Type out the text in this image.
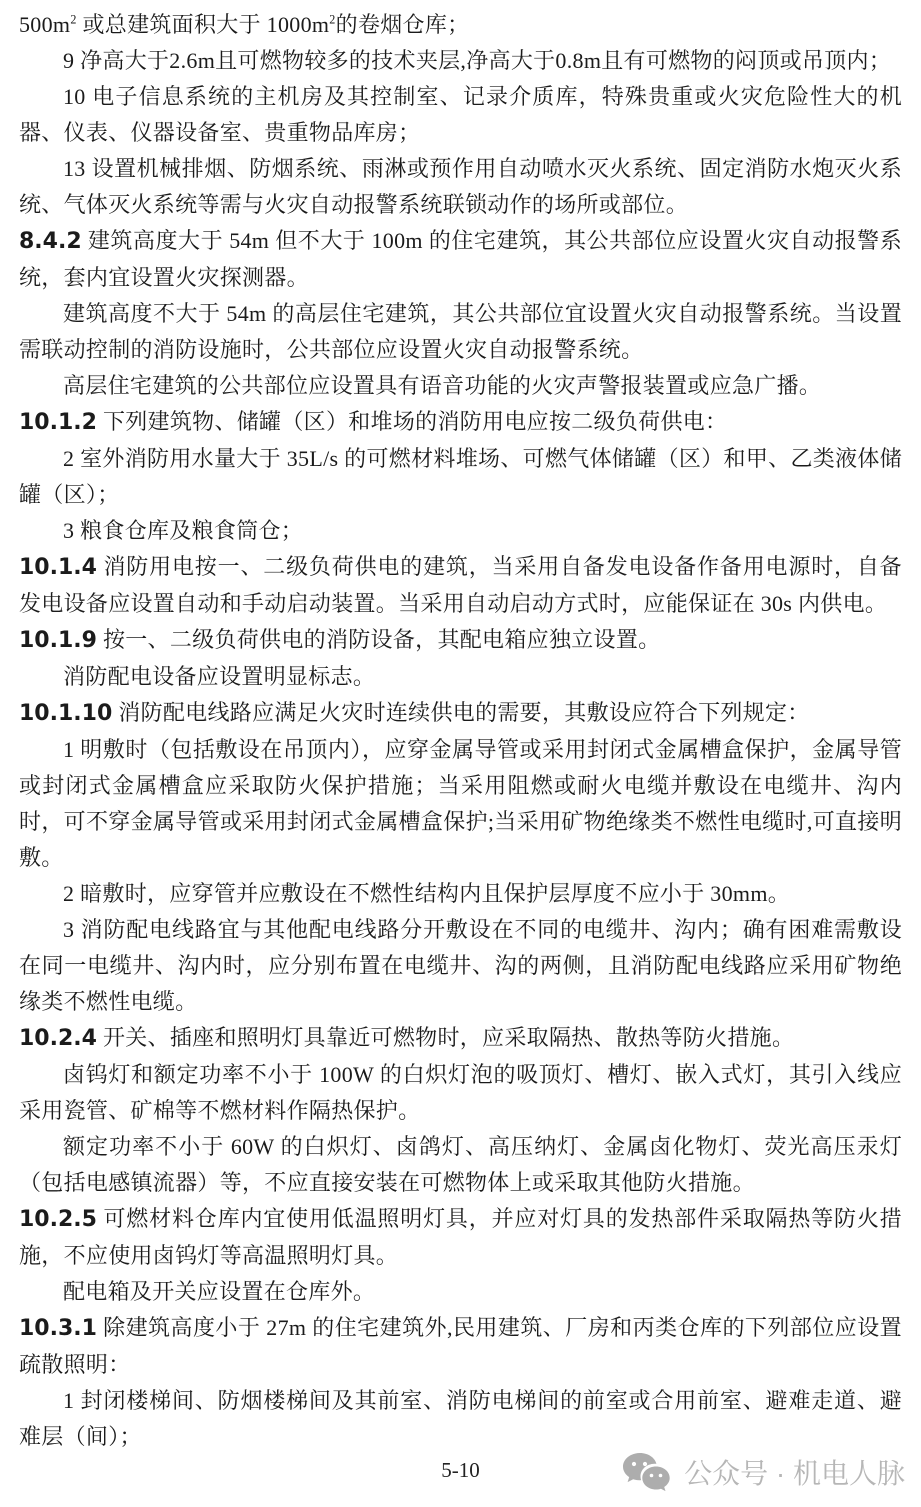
$500m^2$ 或总建筑面积大于 $1000m^2$的卷烟仓库；

9 净高大于2.6m且可燃物较多的技术夹层,净高大于0.8m且有可燃物的闷顶或吊顶内；

10 电子信息系统的主机房及其控制室、记录介质库，特殊贵重或火灾危险性大的机器、仪表、仪器设备室、贵重物品库房；

13 设置机械排烟、防烟系统、雨淋或预作用自动喷水灭火系统、固定消防水炮灭火系统、气体灭火系统等需与火灾自动报警系统联锁动作的场所或部位。

8.4.2 建筑高度大于 54m 但不大于 100m 的住宅建筑，其公共部位应设置火灾自动报警系统，套内宜设置火灾探测器。

建筑高度不大于 54m 的高层住宅建筑，其公共部位宜设置火灾自动报警系统。当设置需联动控制的消防设施时，公共部位应设置火灾自动报警系统。

高层住宅建筑的公共部位应设置具有语音功能的火灾声警报装置或应急广播。

10.1.2 下列建筑物、储罐（区）和堆场的消防用电应按二级负荷供电：

2 室外消防用水量大于 35L/s 的可燃材料堆场、可燃气体储罐（区）和甲、乙类液体储罐（区）；

3 粮食仓库及粮食筒仓；

10.1.4 消防用电按一、二级负荷供电的建筑，当采用自备发电设备作备用电源时，自备发电设备应设置自动和手动启动装置。当采用自动启动方式时，应能保证在 30s 内供电。

10.1.9 按一、二级负荷供电的消防设备，其配电箱应独立设置。

消防配电设备应设置明显标志。

10.1.10 消防配电线路应满足火灾时连续供电的需要，其敷设应符合下列规定：

1 明敷时（包括敷设在吊顶内），应穿金属导管或采用封闭式金属槽盒保护，金属导管或封闭式金属槽盒应采取防火保护措施；当采用阻燃或耐火电缆并敷设在电缆井、沟内时，可不穿金属导管或采用封闭式金属槽盒保护;当采用矿物绝缘类不燃性电缆时,可直接明敷。

2 暗敷时，应穿管并应敷设在不燃性结构内且保护层厚度不应小于 30mm。

3 消防配电线路宜与其他配电线路分开敷设在不同的电缆井、沟内；确有困难需敷设在同一电缆井、沟内时，应分别布置在电缆井、沟的两侧，且消防配电线路应采用矿物绝缘类不燃性电缆。

10.2.4 开关、插座和照明灯具靠近可燃物时，应采取隔热、散热等防火措施。

卤钨灯和额定功率不小于 100W 的白炽灯泡的吸顶灯、槽灯、嵌入式灯，其引入线应采用瓷管、矿棉等不燃材料作隔热保护。

额定功率不小于 60W 的白炽灯、卤鸽灯、高压纳灯、金属卤化物灯、荧光高压汞灯（包括电感镇流器）等，不应直接安装在可燃物体上或采取其他防火措施。

10.2.5 可燃材料仓库内宜使用低温照明灯具，并应对灯具的发热部件采取隔热等防火措施，不应使用卤钨灯等高温照明灯具。

配电箱及开关应设置在仓库外。

10.3.1 除建筑高度小于 27m 的住宅建筑外,民用建筑、厂房和丙类仓库的下列部位应设置疏散照明：

1 封闭楼梯间、防烟楼梯间及其前室、消防电梯间的前室或合用前室、避难走道、避难层（间）；

5-10	公众号 · 机电人脉
